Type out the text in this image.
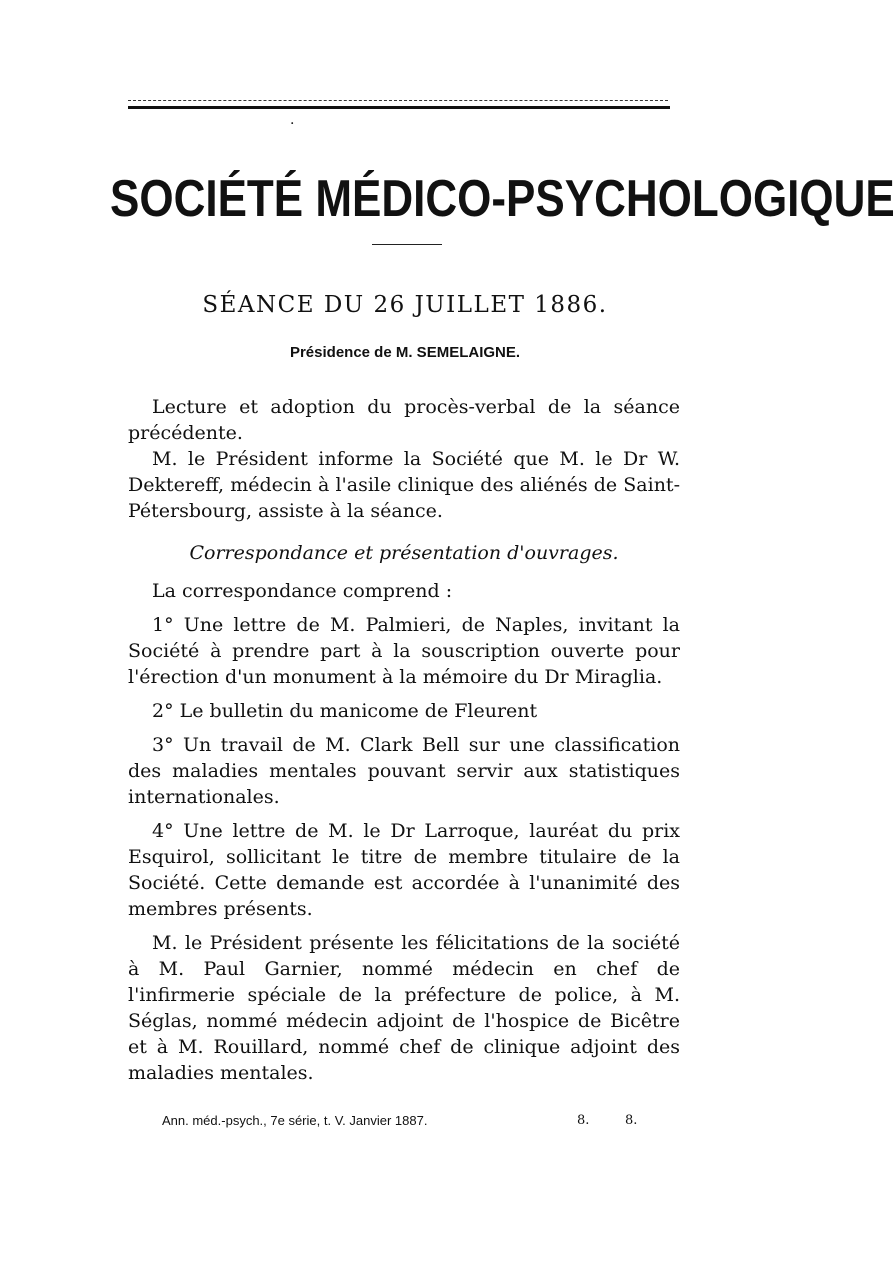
·
SOCIÉTÉ MÉDICO-PSYCHOLOGIQUE
SÉANCE DU 26 JUILLET 1886.
Présidence de M. SEMELAIGNE.

Lecture et adoption du procès-verbal de la séance précédente.

M. le Président informe la Société que M. le Dr W. Dektereff, médecin à l'asile clinique des aliénés de Saint-Pétersbourg, assiste à la séance.

Correspondance et présentation d'ouvrages.

La correspondance comprend :

1° Une lettre de M. Palmieri, de Naples, invitant la Société à prendre part à la souscription ouverte pour l'érection d'un monument à la mémoire du Dr Miraglia.

2° Le bulletin du manicome de Fleurent

3° Un travail de M. Clark Bell sur une classification des maladies mentales pouvant servir aux statistiques internationales.

4° Une lettre de M. le Dr Larroque, lauréat du prix Esquirol, sollicitant le titre de membre titulaire de la Société. Cette demande est accordée à l'unanimité des membres présents.

M. le Président présente les félicitations de la société à M. Paul Garnier, nommé médecin en chef de l'infirmerie spéciale de la préfecture de police, à M. Séglas, nommé médecin adjoint de l'hospice de Bicêtre et à M. Rouillard, nommé chef de clinique adjoint des maladies mentales.

Ann. méd.-psych., 7e série, t. V. Janvier 1887.	8.	8.
